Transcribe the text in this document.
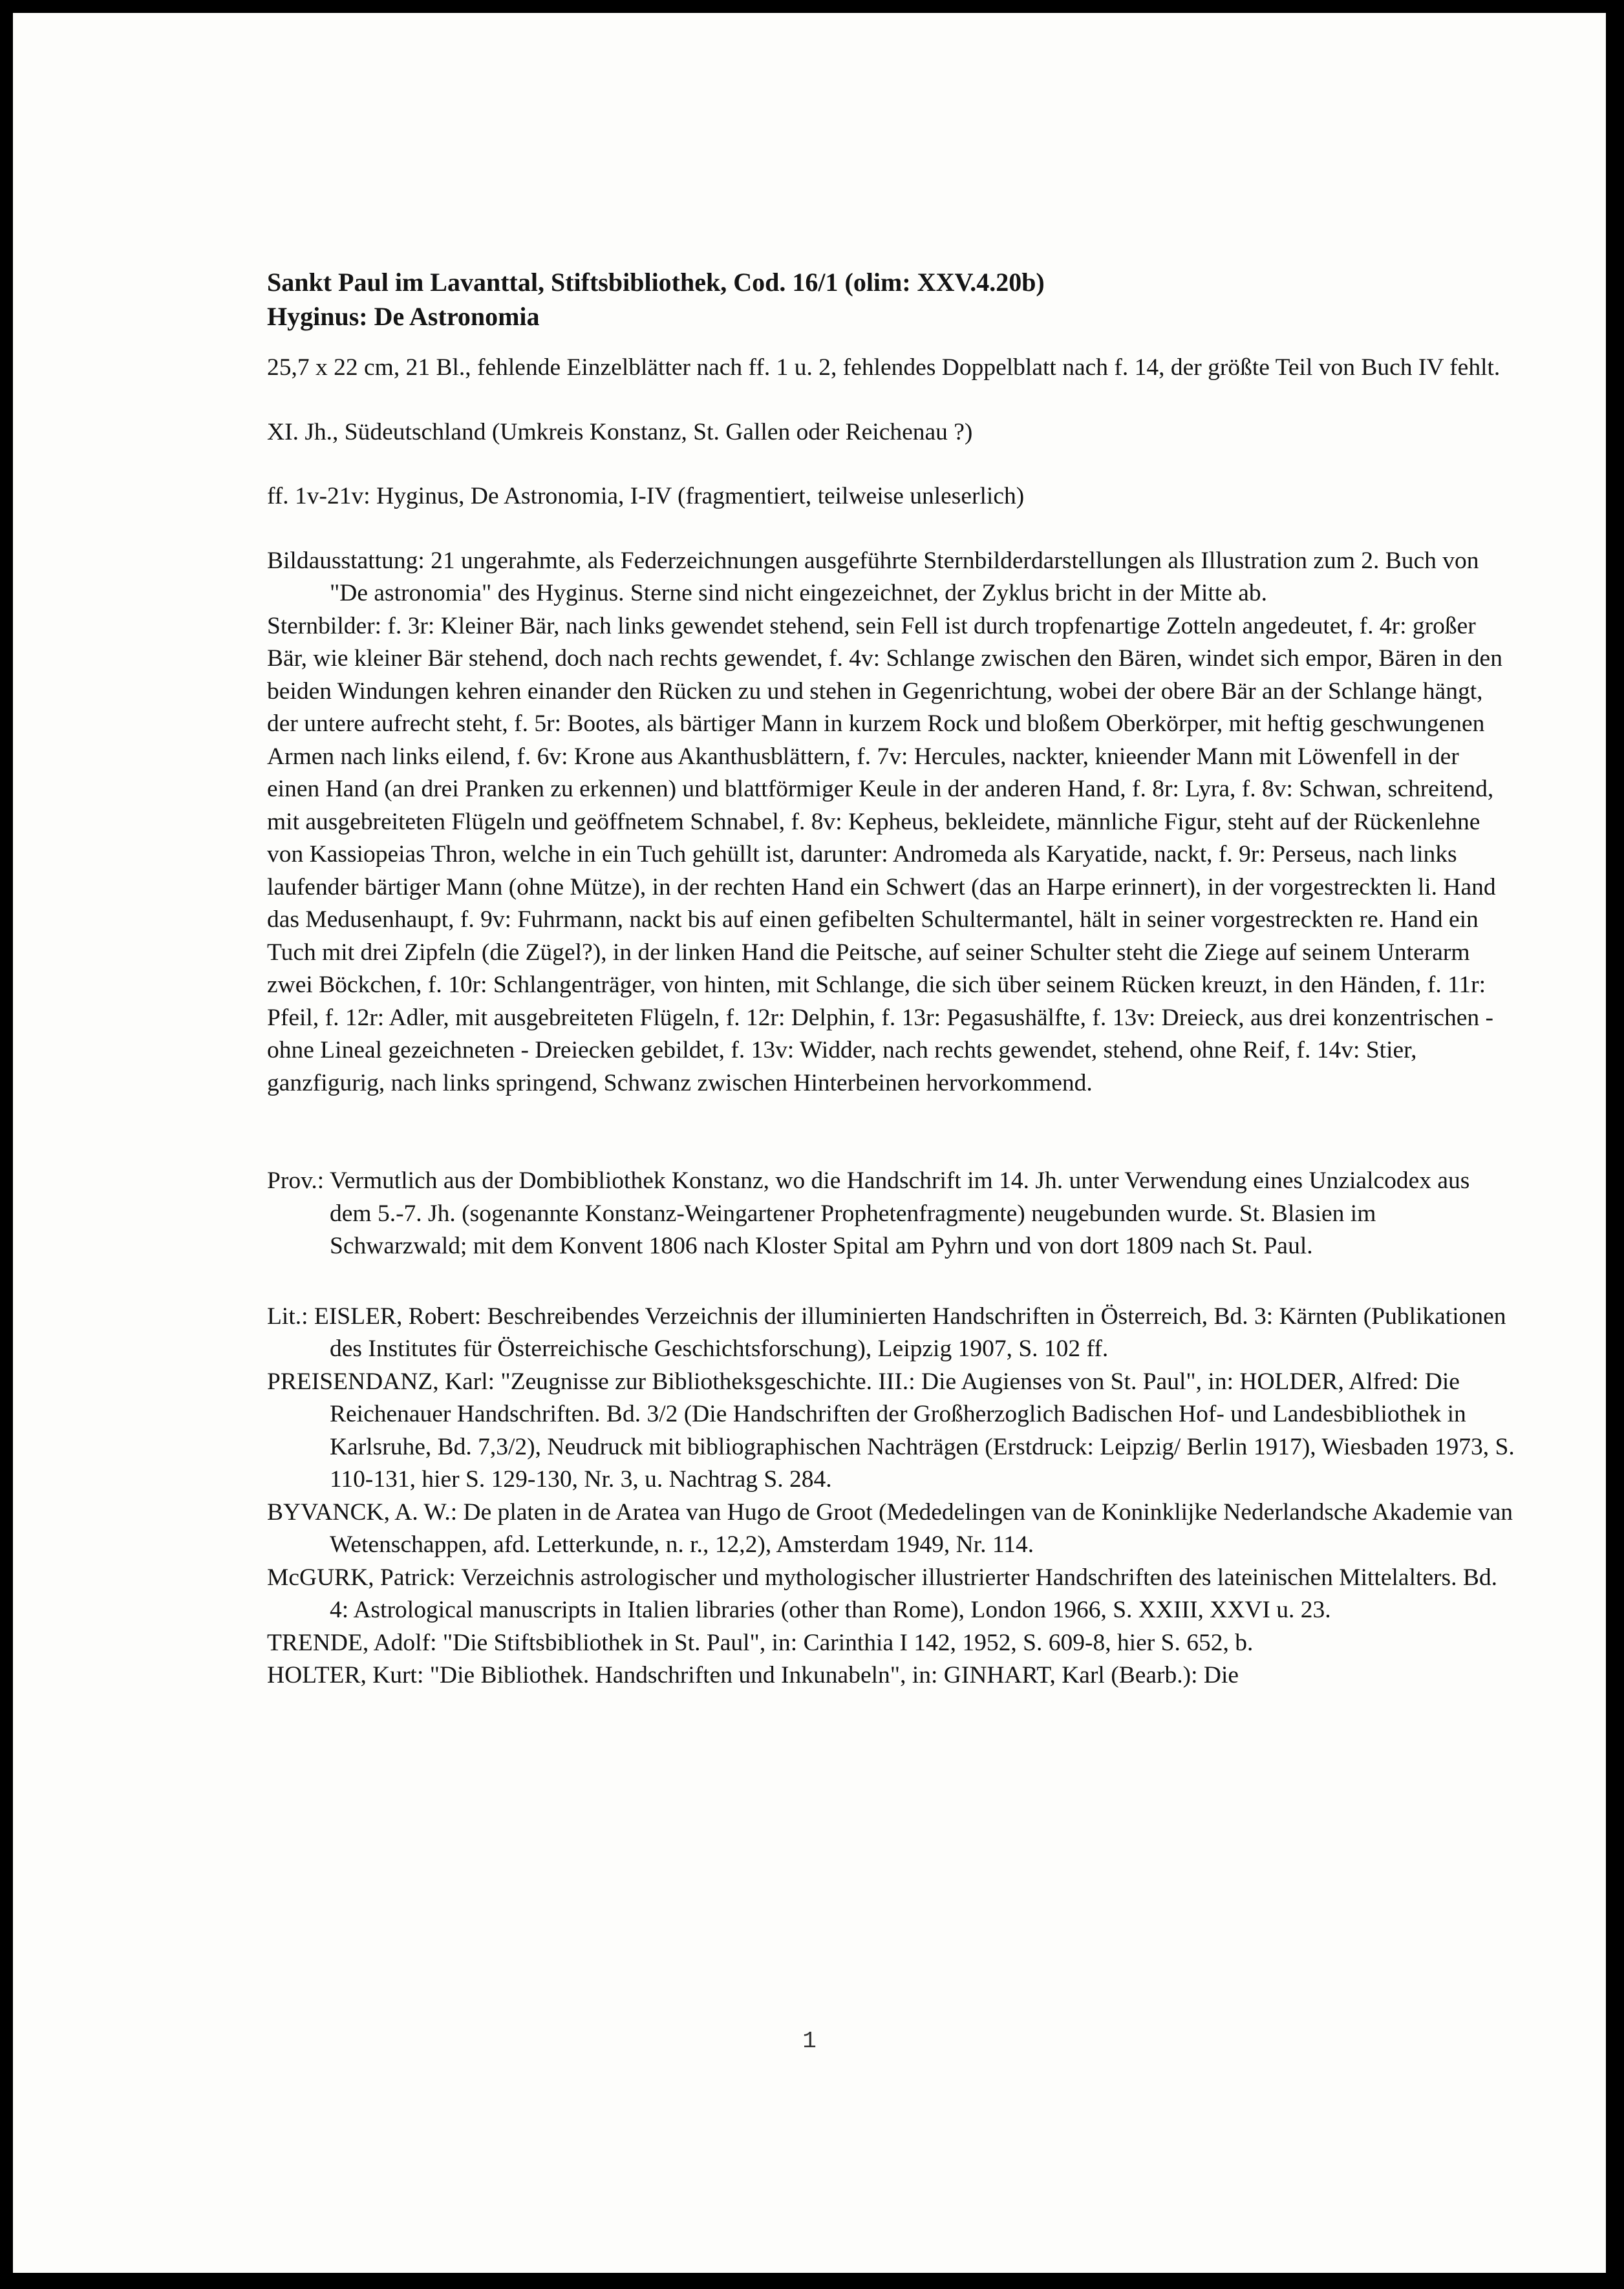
Sankt Paul im Lavanttal, Stiftsbibliothek, Cod. 16/1 (olim: XXV.4.20b)

Hyginus: De Astronomia

25,7 x 22 cm, 21 Bl., fehlende Einzelblätter nach ff. 1 u. 2, fehlendes Doppelblatt nach f. 14, der größte Teil von Buch IV fehlt.

XI. Jh., Südeutschland (Umkreis Konstanz, St. Gallen oder Reichenau ?)

ff. 1v-21v: Hyginus, De Astronomia, I-IV (fragmentiert, teilweise unleserlich)

Bildausstattung: 21 ungerahmte, als Federzeichnungen ausgeführte Sternbilderdarstellungen als Illustration zum 2. Buch von "De astronomia" des Hyginus. Sterne sind nicht eingezeichnet, der Zyklus bricht in der Mitte ab.

Sternbilder: f. 3r: Kleiner Bär, nach links gewendet stehend, sein Fell ist durch tropfenartige Zotteln angedeutet, f. 4r: großer Bär, wie kleiner Bär stehend, doch nach rechts gewendet, f. 4v: Schlange zwischen den Bären, windet sich empor, Bären in den beiden Windungen kehren einander den Rücken zu und stehen in Gegenrichtung, wobei der obere Bär an der Schlange hängt, der untere aufrecht steht, f. 5r: Bootes, als bärtiger Mann in kurzem Rock und bloßem Oberkörper, mit heftig geschwungenen Armen nach links eilend, f. 6v: Krone aus Akanthusblättern, f. 7v: Hercules, nackter, knieender Mann mit Löwenfell in der einen Hand (an drei Pranken zu erkennen) und blattförmiger Keule in der anderen Hand, f. 8r: Lyra, f. 8v: Schwan, schreitend, mit ausgebreiteten Flügeln und geöffnetem Schnabel, f. 8v: Kepheus, bekleidete, männliche Figur, steht auf der Rückenlehne von Kassiopeias Thron, welche in ein Tuch gehüllt ist, darunter: Andromeda als Karyatide, nackt, f. 9r: Perseus, nach links laufender bärtiger Mann (ohne Mütze), in der rechten Hand ein Schwert (das an Harpe erinnert), in der vorgestreckten li. Hand das Medusenhaupt, f. 9v: Fuhrmann, nackt bis auf einen gefibelten Schultermantel, hält in seiner vorgestreckten re. Hand ein Tuch mit drei Zipfeln (die Zügel?), in der linken Hand die Peitsche, auf seiner Schulter steht die Ziege auf seinem Unterarm zwei Böckchen, f. 10r: Schlangenträger, von hinten, mit Schlange, die sich über seinem Rücken kreuzt, in den Händen, f. 11r: Pfeil, f. 12r: Adler, mit ausgebreiteten Flügeln, f. 12r: Delphin, f. 13r: Pegasushälfte, f. 13v: Dreieck, aus drei konzentrischen - ohne Lineal gezeichneten - Dreiecken gebildet, f. 13v: Widder, nach rechts gewendet, stehend, ohne Reif, f. 14v: Stier, ganzfigurig, nach links springend, Schwanz zwischen Hinterbeinen hervorkommend.

Prov.: Vermutlich aus der Dombibliothek Konstanz, wo die Handschrift im 14. Jh. unter Verwendung eines Unzialcodex aus dem 5.-7. Jh. (sogenannte Konstanz-Weingartener Prophetenfragmente) neugebunden wurde. St. Blasien im Schwarzwald; mit dem Konvent 1806 nach Kloster Spital am Pyhrn und von dort 1809 nach St. Paul.

Lit.: EISLER, Robert: Beschreibendes Verzeichnis der illuminierten Handschriften in Österreich, Bd. 3: Kärnten (Publikationen des Institutes für Österreichische Geschichtsforschung), Leipzig 1907, S. 102 ff.

PREISENDANZ, Karl: "Zeugnisse zur Bibliotheksgeschichte. III.: Die Augienses von St. Paul", in: HOLDER, Alfred: Die Reichenauer Handschriften. Bd. 3/2 (Die Handschriften der Großherzoglich Badischen Hof- und Landesbibliothek in Karlsruhe, Bd. 7,3/2), Neudruck mit bibliographischen Nachträgen (Erstdruck: Leipzig/ Berlin 1917), Wiesbaden 1973, S. 110-131, hier S. 129-130, Nr. 3, u. Nachtrag S. 284.

BYVANCK, A. W.: De platen in de Aratea van Hugo de Groot (Mededelingen van de Koninklijke Nederlandsche Akademie van Wetenschappen, afd. Letterkunde, n. r., 12,2), Amsterdam 1949, Nr. 114.

McGURK, Patrick: Verzeichnis astrologischer und mythologischer illustrierter Handschriften des lateinischen Mittelalters. Bd. 4: Astrological manuscripts in Italien libraries (other than Rome), London 1966, S. XXIII, XXVI u. 23.

TRENDE, Adolf: "Die Stiftsbibliothek in St. Paul", in: Carinthia I 142, 1952, S. 609-8, hier S. 652, b.

HOLTER, Kurt: "Die Bibliothek. Handschriften und Inkunabeln", in: GINHART, Karl (Bearb.): Die

1
